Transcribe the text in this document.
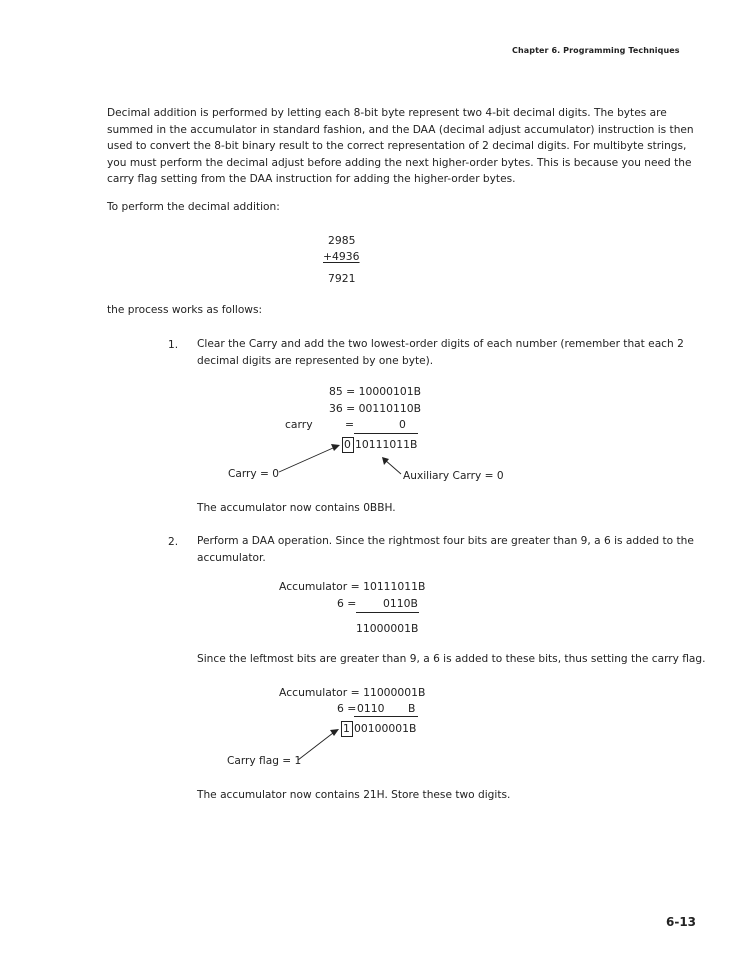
Chapter 6. Programming Techniques
Decimal addition is performed by letting each 8-bit byte represent two 4-bit decimal digits. The bytes are
summed in the accumulator in standard fashion, and the DAA (decimal adjust accumulator) instruction is then
used to convert the 8-bit binary result to the correct representation of 2 decimal digits. For multibyte strings,
you must perform the decimal adjust before adding the next higher-order bytes. This is because you need the
carry flag setting from the DAA instruction for adding the higher-order bytes.
To perform the decimal addition:
2985
+4936
7921
the process works as follows:
1. Clear the Carry and add the two lowest-order digits of each number (remember that each 2
decimal digits are represented by one byte).
85 = 10000101B
36 = 00110110B
carry	=	0
0 10111011B
Carry = 0	Auxiliary Carry = 0
The accumulator now contains 0BBH.
2. Perform a DAA operation. Since the rightmost four bits are greater than 9, a 6 is added to the
accumulator.
Accumulator = 10111011B
6 = 0110B
11000001B
Since the leftmost bits are greater than 9, a 6 is added to these bits, thus setting the carry flag.
Accumulator = 11000001B
6 = 0110 B
1 00100001B
Carry flag = 1
The accumulator now contains 21H. Store these two digits.
6-13
